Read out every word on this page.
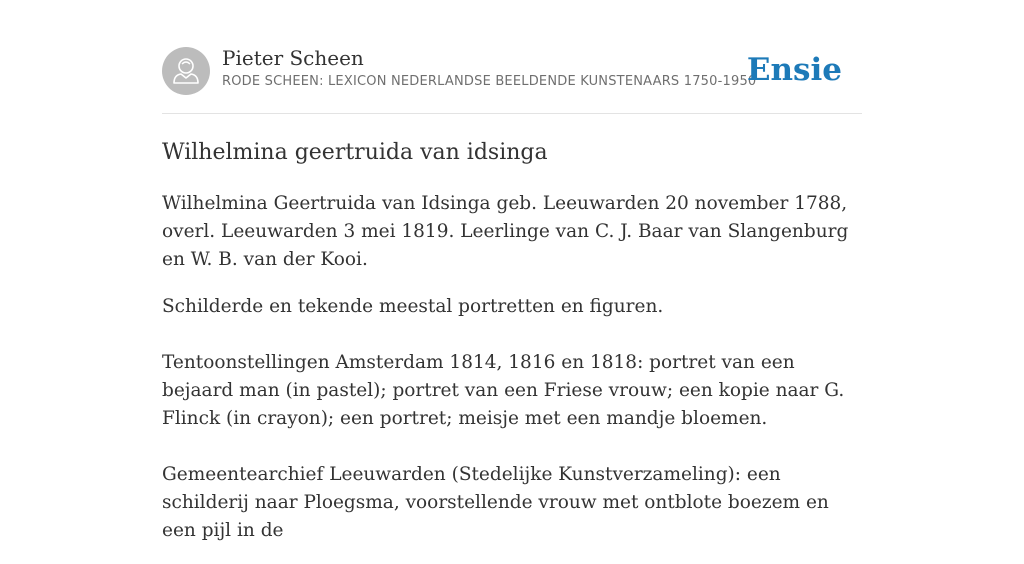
Pieter Scheen
RODE SCHEEN: LEXICON NEDERLANDSE BEELDENDE KUNSTENAARS 1750-1950
Ensie
Wilhelmina geertruida van idsinga

Wilhelmina Geertruida van Idsinga geb. Leeuwarden 20 november 1788, overl. Leeuwarden 3 mei 1819. Leerlinge van C. J. Baar van Slangenburg en W. B. van der Kooi.

Schilderde en tekende meestal portretten en figuren.

Tentoonstellingen Amsterdam 1814, 1816 en 1818: portret van een bejaard man (in pastel); portret van een Friese vrouw; een kopie naar G. Flinck (in crayon); een portret; meisje met een mandje bloemen.

Gemeentearchief Leeuwarden (Stedelijke Kunstverzameling): een schilderij naar Ploegsma, voorstellende vrouw met ontblote boezem en een pijl in de
